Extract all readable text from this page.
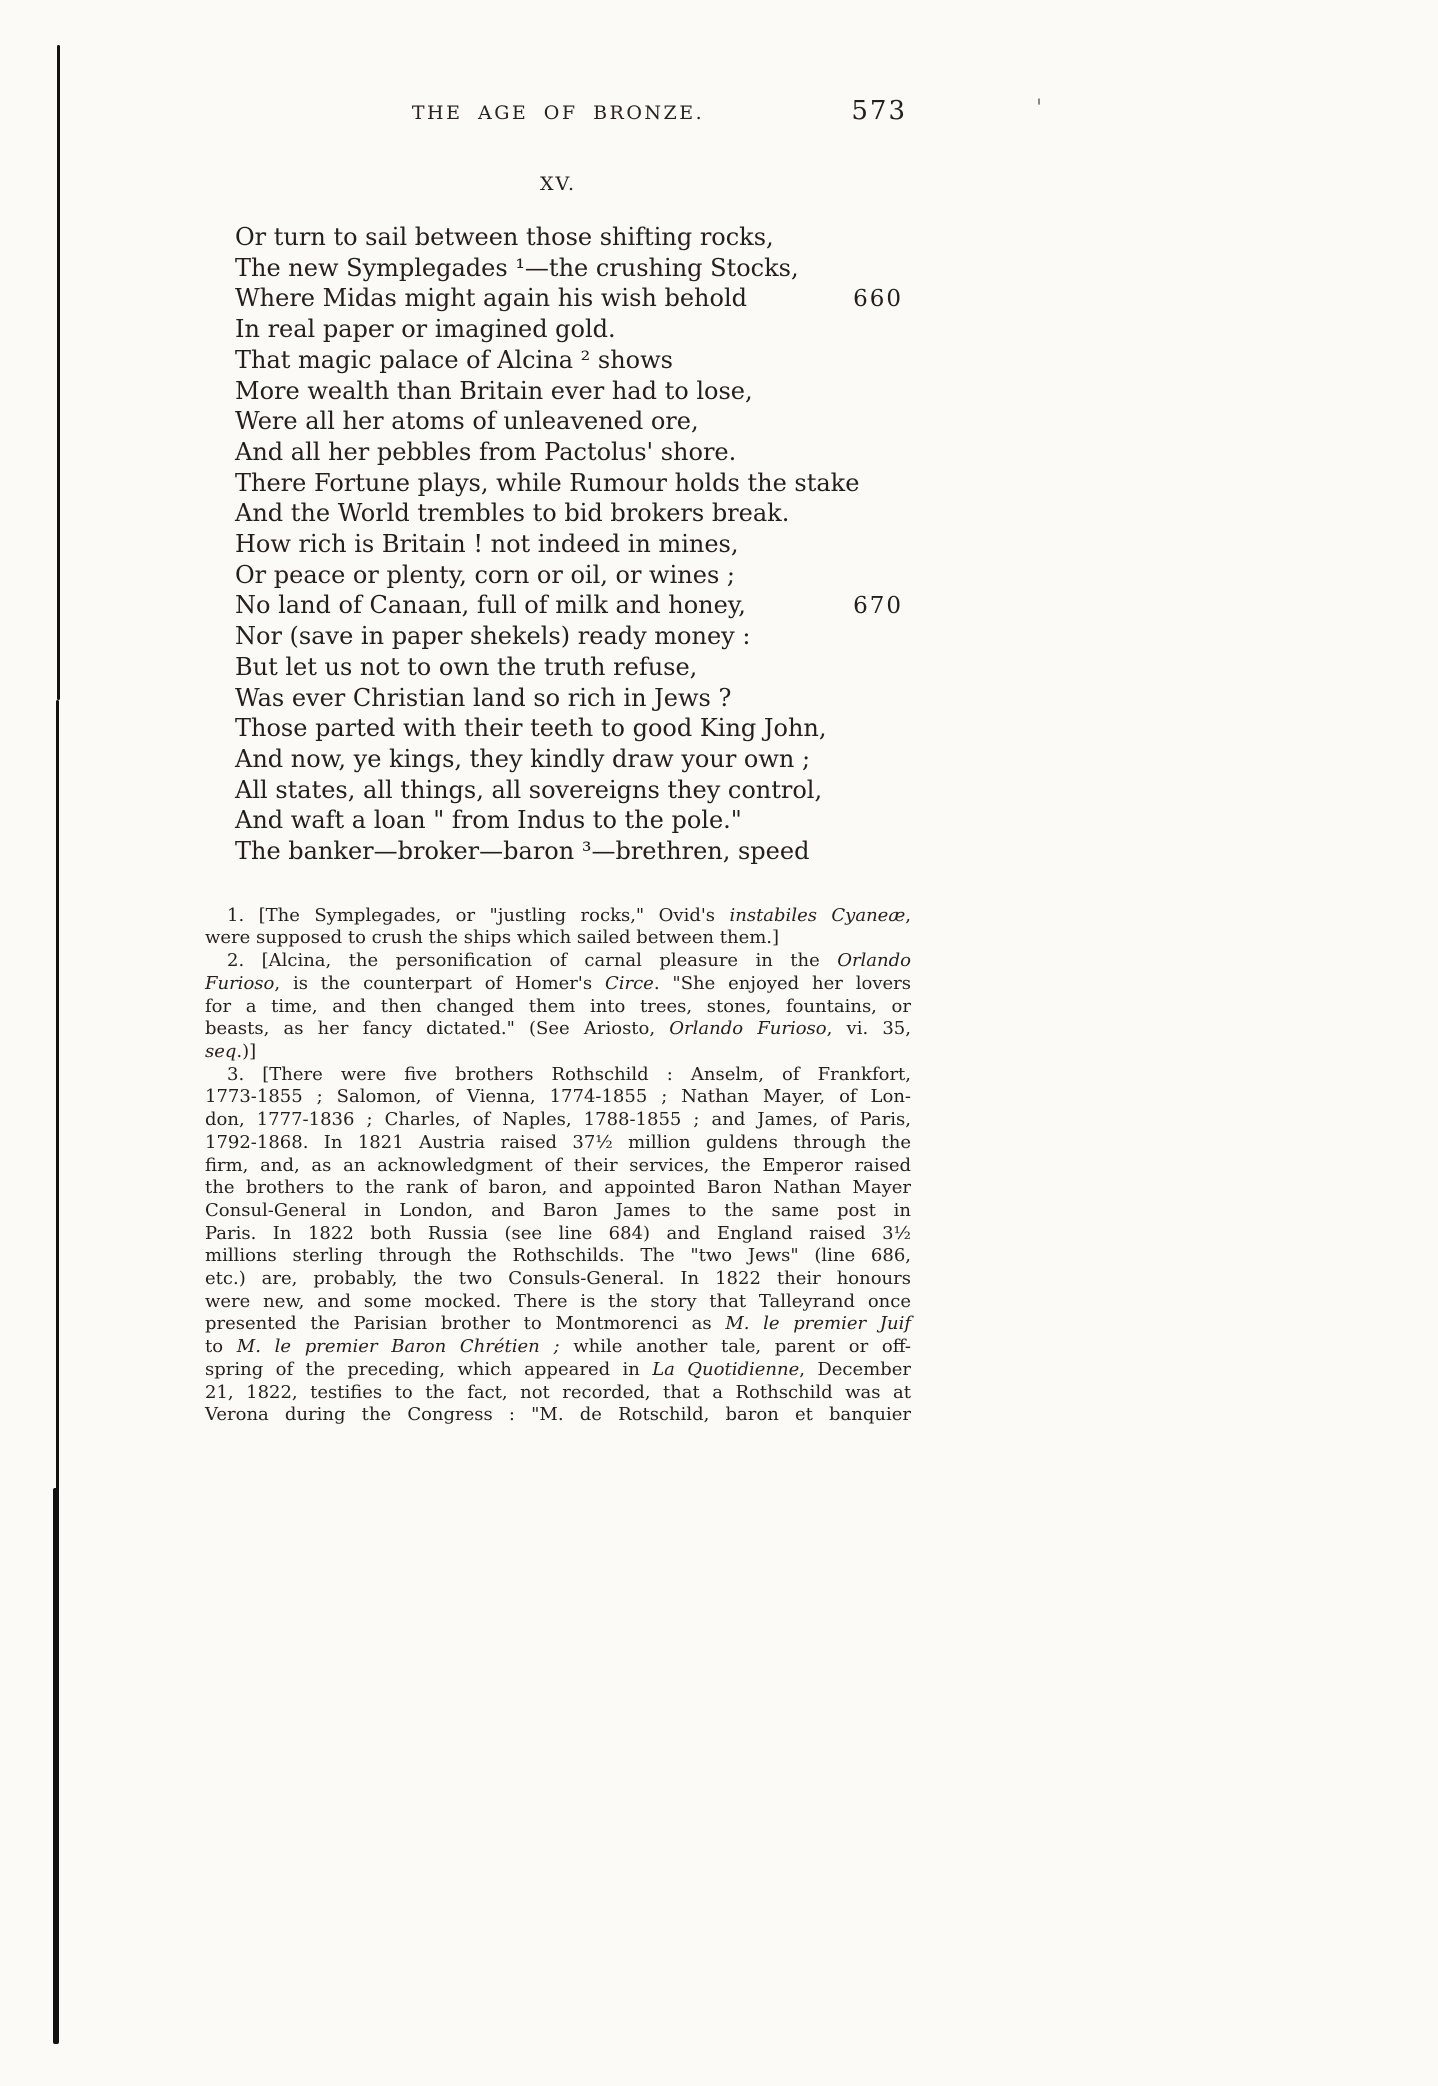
'
THE AGE OF BRONZE.	573
XV.
Or turn to sail between those shifting rocks,
The new Symplegades ¹—the crushing Stocks,
Where Midas might again his wish behold	660
In real paper or imagined gold.
That magic palace of Alcina ² shows
More wealth than Britain ever had to lose,
Were all her atoms of unleavened ore,
And all her pebbles from Pactolus' shore.
There Fortune plays, while Rumour holds the stake
And the World trembles to bid brokers break.
How rich is Britain ! not indeed in mines,
Or peace or plenty, corn or oil, or wines ;
No land of Canaan, full of milk and honey,	670
Nor (save in paper shekels) ready money :
But let us not to own the truth refuse,
Was ever Christian land so rich in Jews ?
Those parted with their teeth to good King John,
And now, ye kings, they kindly draw your own ;
All states, all things, all sovereigns they control,
And waft a loan " from Indus to the pole."
The banker—broker—baron ³—brethren, speed
1. [The Symplegades, or "justling rocks," Ovid's instabiles Cyaneæ,
were supposed to crush the ships which sailed between them.]
2. [Alcina, the personification of carnal pleasure in the Orlando
Furioso, is the counterpart of Homer's Circe. "She enjoyed her lovers
for a time, and then changed them into trees, stones, fountains, or
beasts, as her fancy dictated." (See Ariosto, Orlando Furioso, vi. 35,
seq.)]
3. [There were five brothers Rothschild : Anselm, of Frankfort,
1773-1855 ; Salomon, of Vienna, 1774-1855 ; Nathan Mayer, of Lon-
don, 1777-1836 ; Charles, of Naples, 1788-1855 ; and James, of Paris,
1792-1868. In 1821 Austria raised 37½ million guldens through the
firm, and, as an acknowledgment of their services, the Emperor raised
the brothers to the rank of baron, and appointed Baron Nathan Mayer
Consul-General in London, and Baron James to the same post in
Paris. In 1822 both Russia (see line 684) and England raised 3½
millions sterling through the Rothschilds. The "two Jews" (line 686,
etc.) are, probably, the two Consuls-General. In 1822 their honours
were new, and some mocked. There is the story that Talleyrand once
presented the Parisian brother to Montmorenci as M. le premier Juif
to M. le premier Baron Chrétien ; while another tale, parent or off-
spring of the preceding, which appeared in La Quotidienne, December
21, 1822, testifies to the fact, not recorded, that a Rothschild was at
Verona during the Congress : "M. de Rotschild, baron et banquier
